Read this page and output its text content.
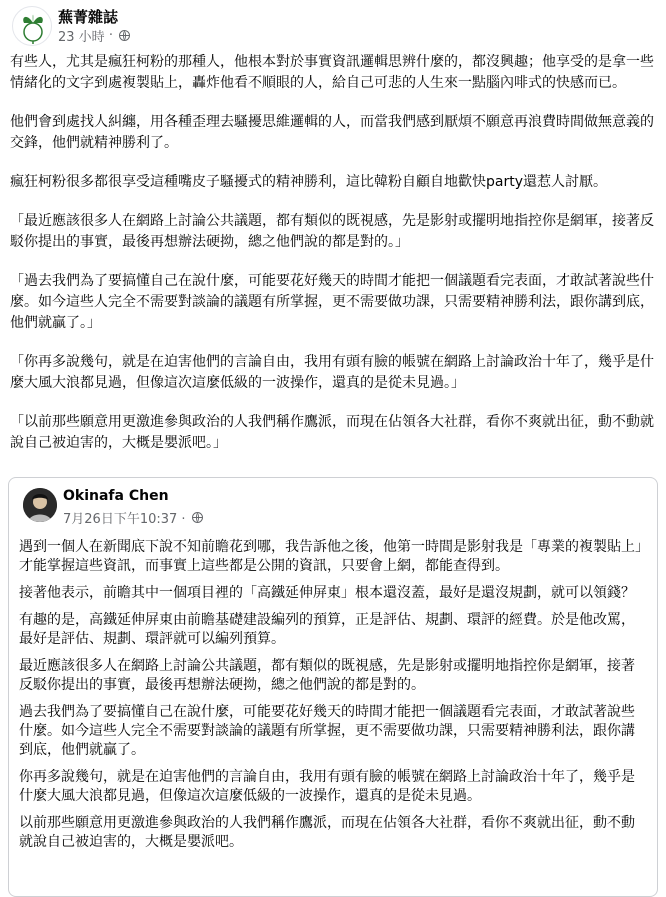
蕪菁雜誌
23 小時 ·

有些人，尤其是瘋狂柯粉的那種人，他根本對於事實資訊邏輯思辨什麼的，都沒興趣；他享受的是拿一些情緒化的文字到處複製貼上，轟炸他看不順眼的人，給自己可悲的人生來一點腦內啡式的快感而已。

他們會到處找人糾纏，用各種歪理去騷擾思維邏輯的人，而當我們感到厭煩不願意再浪費時間做無意義的交鋒，他們就精神勝利了。

瘋狂柯粉很多都很享受這種嘴皮子騷擾式的精神勝利，這比韓粉自顧自地歡快party還惹人討厭。

「最近應該很多人在網路上討論公共議題，都有類似的既視感，先是影射或擺明地指控你是網軍，接著反駁你提出的事實，最後再想辦法硬拗，總之他們說的都是對的。」

「過去我們為了要搞懂自己在說什麼，可能要花好幾天的時間才能把一個議題看完表面，才敢試著說些什麼。如今這些人完全不需要對談論的議題有所掌握，更不需要做功課，只需要精神勝利法，跟你講到底，他們就贏了。」

「你再多說幾句，就是在迫害他們的言論自由，我用有頭有臉的帳號在網路上討論政治十年了，幾乎是什麼大風大浪都見過，但像這次這麼低級的一波操作，還真的是從未見過。」

「以前那些願意用更激進參與政治的人我們稱作鷹派，而現在佔領各大社群，看你不爽就出征，動不動就說自己被迫害的，大概是嬰派吧。」

Okinafa Chen
7月26日下午10:37 ·

遇到一個人在新聞底下說不知前瞻花到哪，我告訴他之後，他第一時間是影射我是「專業的複製貼上」才能掌握這些資訊，而事實上這些都是公開的資訊，只要會上網，都能查得到。

接著他表示，前瞻其中一個項目裡的「高鐵延伸屏東」根本還沒蓋，最好是還沒規劃，就可以領錢？

有趣的是，高鐵延伸屏東由前瞻基礎建設編列的預算，正是評估、規劃、環評的經費。於是他改罵，最好是評估、規劃、環評就可以編列預算。

最近應該很多人在網路上討論公共議題，都有類似的既視感，先是影射或擺明地指控你是網軍，接著反駁你提出的事實，最後再想辦法硬拗，總之他們說的都是對的。

過去我們為了要搞懂自己在說什麼，可能要花好幾天的時間才能把一個議題看完表面，才敢試著說些什麼。如今這些人完全不需要對談論的議題有所掌握，更不需要做功課，只需要精神勝利法，跟你講到底，他們就贏了。

你再多說幾句，就是在迫害他們的言論自由，我用有頭有臉的帳號在網路上討論政治十年了，幾乎是什麼大風大浪都見過，但像這次這麼低級的一波操作，還真的是從未見過。

以前那些願意用更激進參與政治的人我們稱作鷹派，而現在佔領各大社群，看你不爽就出征，動不動就說自己被迫害的，大概是嬰派吧。
